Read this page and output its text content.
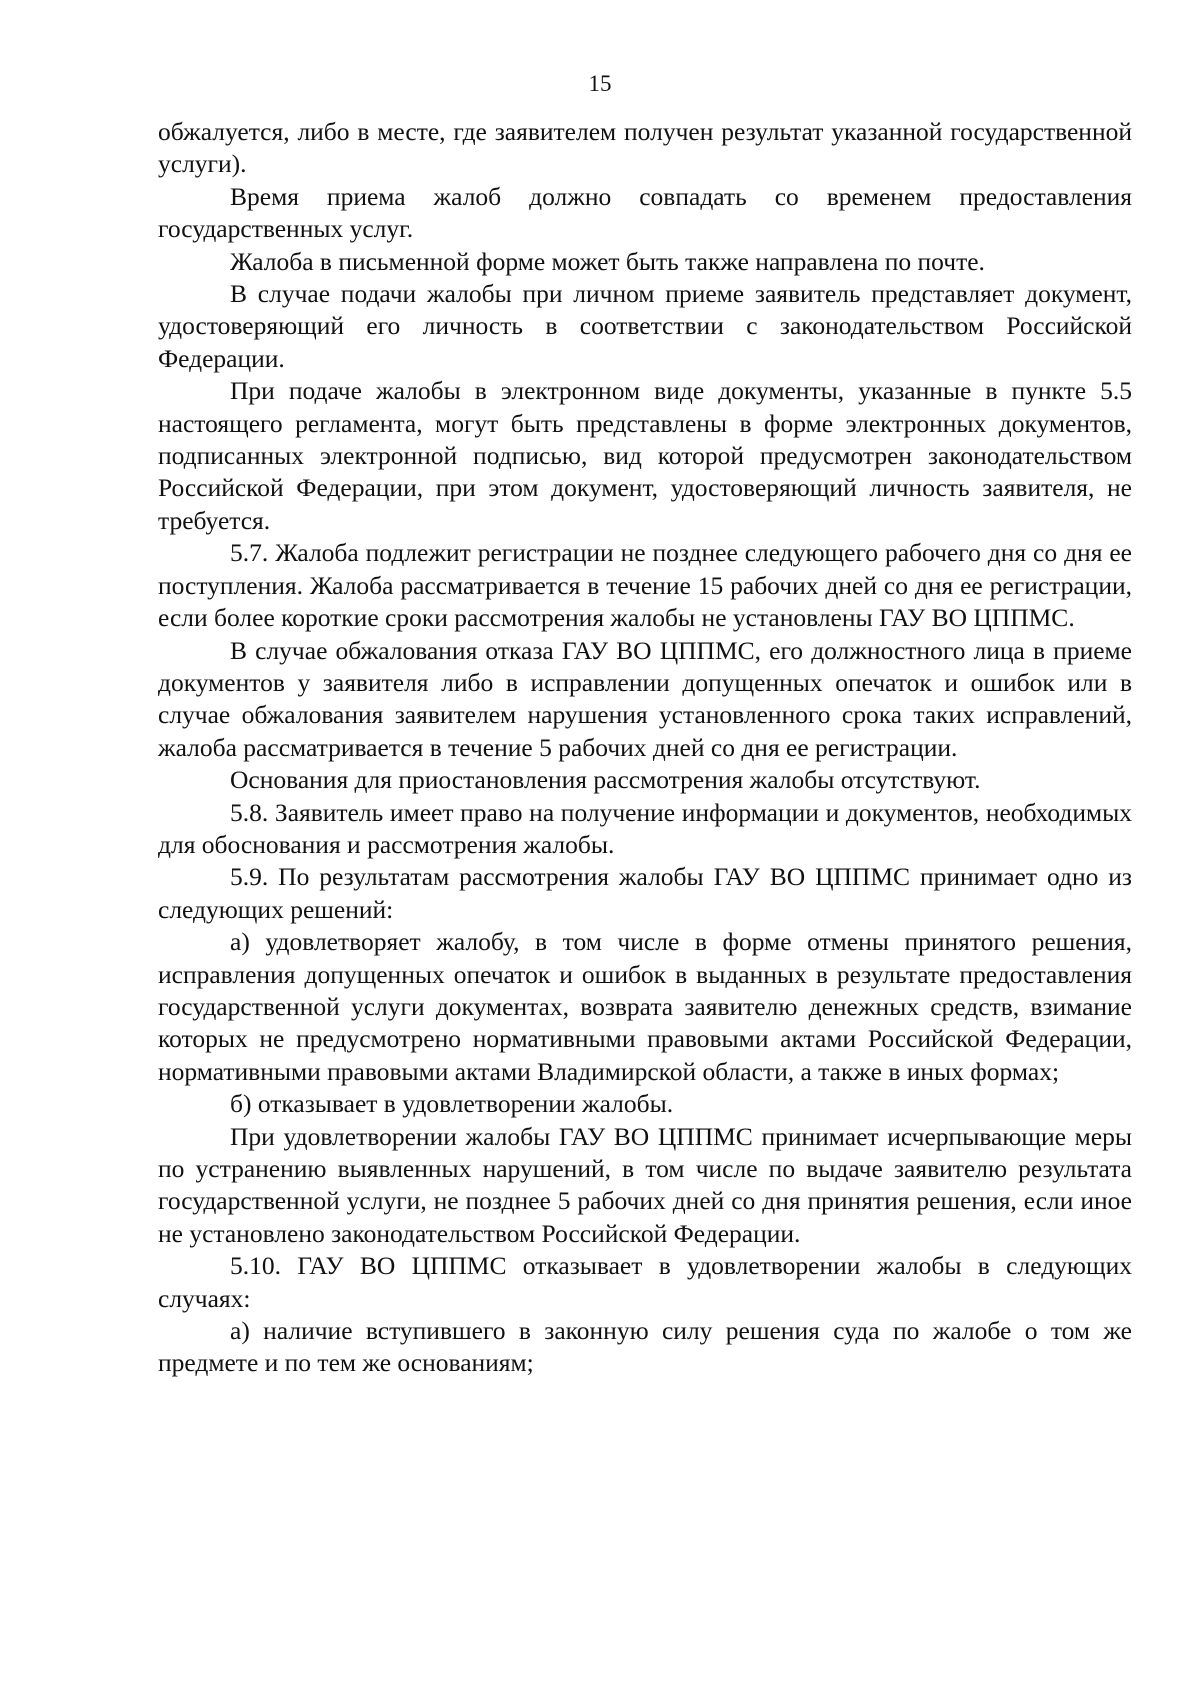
15

обжалуется, либо в месте, где заявителем получен результат указанной государственной услуги).

Время приема жалоб должно совпадать со временем предоставления государственных услуг.

Жалоба в письменной форме может быть также направлена по почте.

В случае подачи жалобы при личном приеме заявитель представляет документ, удостоверяющий его личность в соответствии с законодательством Российской Федерации.

При подаче жалобы в электронном виде документы, указанные в пункте 5.5 настоящего регламента, могут быть представлены в форме электронных документов, подписанных электронной подписью, вид которой предусмотрен законодательством Российской Федерации, при этом документ, удостоверяющий личность заявителя, не требуется.

5.7. Жалоба подлежит регистрации не позднее следующего рабочего дня со дня ее поступления. Жалоба рассматривается в течение 15 рабочих дней со дня ее регистрации, если более короткие сроки рассмотрения жалобы не установлены ГАУ ВО ЦППМС.

В случае обжалования отказа ГАУ ВО ЦППМС, его должностного лица в приеме документов у заявителя либо в исправлении допущенных опечаток и ошибок или в случае обжалования заявителем нарушения установленного срока таких исправлений, жалоба рассматривается в течение 5 рабочих дней со дня ее регистрации.

Основания для приостановления рассмотрения жалобы отсутствуют.

5.8. Заявитель имеет право на получение информации и документов, необходимых для обоснования и рассмотрения жалобы.

5.9. По результатам рассмотрения жалобы ГАУ ВО ЦППМС принимает одно из следующих решений:

а) удовлетворяет жалобу, в том числе в форме отмены принятого решения, исправления допущенных опечаток и ошибок в выданных в результате предоставления государственной услуги документах, возврата заявителю денежных средств, взимание которых не предусмотрено нормативными правовыми актами Российской Федерации, нормативными правовыми актами Владимирской области, а также в иных формах;

б) отказывает в удовлетворении жалобы.

При удовлетворении жалобы ГАУ ВО ЦППМС принимает исчерпывающие меры по устранению выявленных нарушений, в том числе по выдаче заявителю результата государственной услуги, не позднее 5 рабочих дней со дня принятия решения, если иное не установлено законодательством Российской Федерации.

5.10. ГАУ ВО ЦППМС отказывает в удовлетворении жалобы в следующих случаях:

а) наличие вступившего в законную силу решения суда по жалобе о том же предмете и по тем же основаниям;
